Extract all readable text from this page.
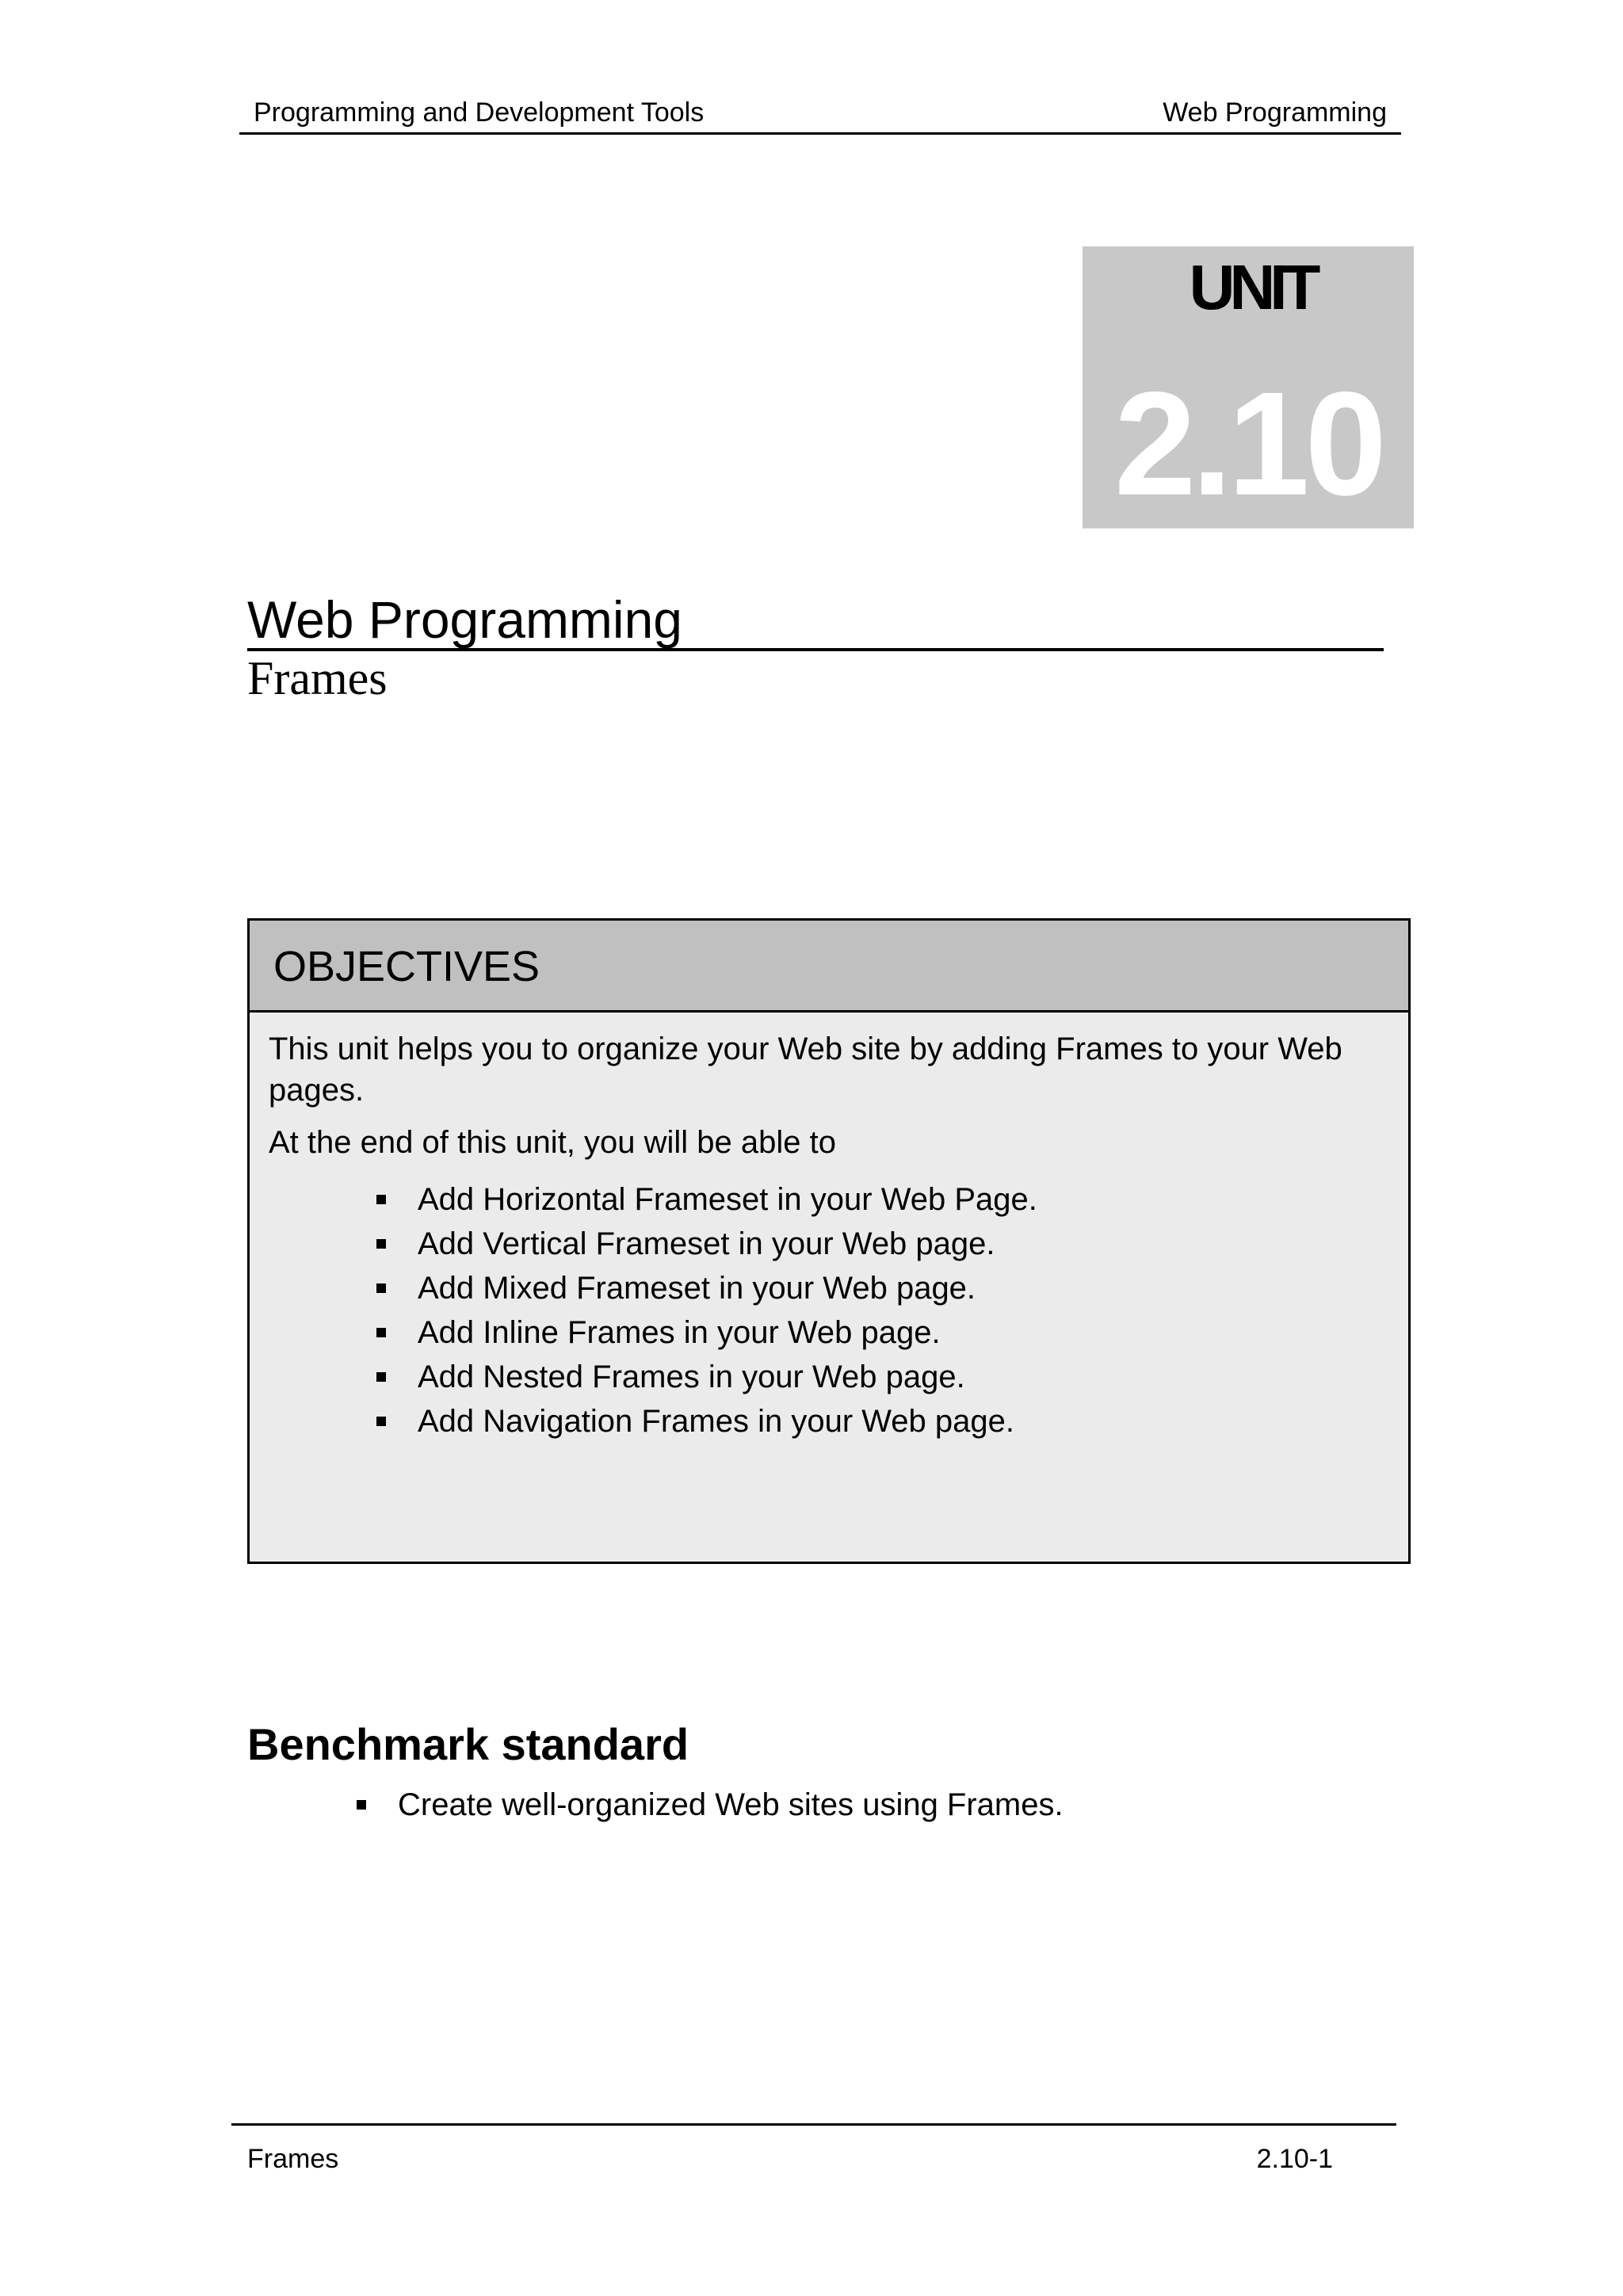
Programming and Development Tools	Web Programming
UNIT
2.10
Web Programming
Frames
OBJECTIVES

This unit helps you to organize your Web site by adding Frames to your Web pages.

At the end of this unit, you will be able to

Add Horizontal Frameset in your Web Page.
Add Vertical Frameset in your Web page.
Add Mixed Frameset in your Web page.
Add Inline Frames in your Web page.
Add Nested Frames in your Web page.
Add Navigation Frames in your Web page.
Benchmark standard
Create well-organized Web sites using Frames.
Frames	2.10-1
